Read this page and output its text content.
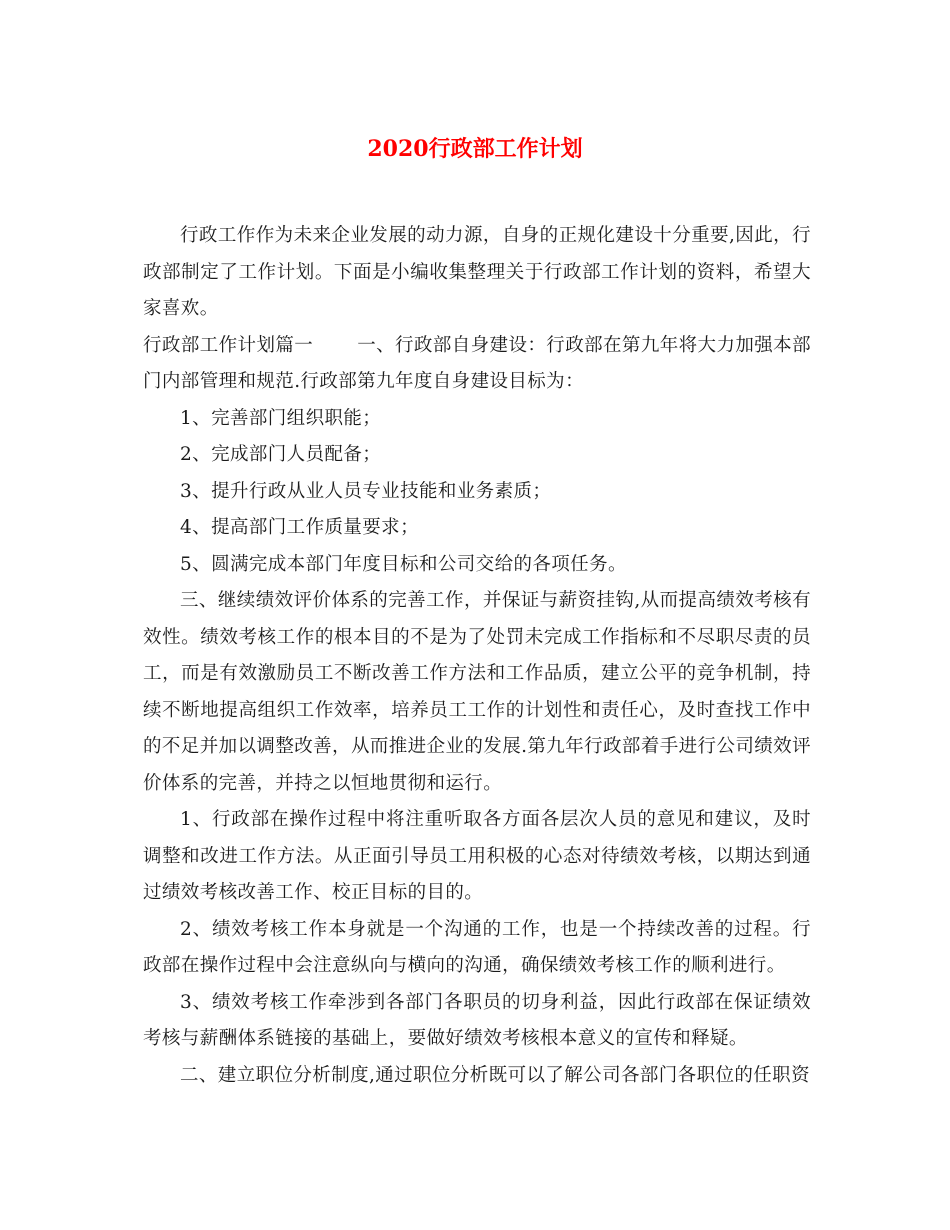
2020行政部工作计划

行政工作作为未来企业发展的动力源，自身的正规化建设十分重要,因此，行政部制定了工作计划。下面是小编收集整理关于行政部工作计划的资料，希望大家喜欢。

行政部工作计划篇一 一、行政部自身建设：行政部在第九年将大力加强本部门内部管理和规范.行政部第九年度自身建设目标为：

1、完善部门组织职能；

2、完成部门人员配备；

3、提升行政从业人员专业技能和业务素质；

4、提高部门工作质量要求；

5、圆满完成本部门年度目标和公司交给的各项任务。

三、继续绩效评价体系的完善工作，并保证与薪资挂钩,从而提高绩效考核有效性。绩效考核工作的根本目的不是为了处罚未完成工作指标和不尽职尽责的员工，而是有效激励员工不断改善工作方法和工作品质，建立公平的竞争机制，持续不断地提高组织工作效率，培养员工工作的计划性和责任心，及时查找工作中的不足并加以调整改善，从而推进企业的发展.第九年行政部着手进行公司绩效评价体系的完善，并持之以恒地贯彻和运行。

1、行政部在操作过程中将注重听取各方面各层次人员的意见和建议，及时调整和改进工作方法。从正面引导员工用积极的心态对待绩效考核，以期达到通过绩效考核改善工作、校正目标的目的。

2、绩效考核工作本身就是一个沟通的工作，也是一个持续改善的过程。行政部在操作过程中会注意纵向与横向的沟通，确保绩效考核工作的顺利进行。

3、绩效考核工作牵涉到各部门各职员的切身利益，因此行政部在保证绩效考核与薪酬体系链接的基础上，要做好绩效考核根本意义的宣传和释疑。

二、建立职位分析制度,通过职位分析既可以了解公司各部门各职位的任职资
